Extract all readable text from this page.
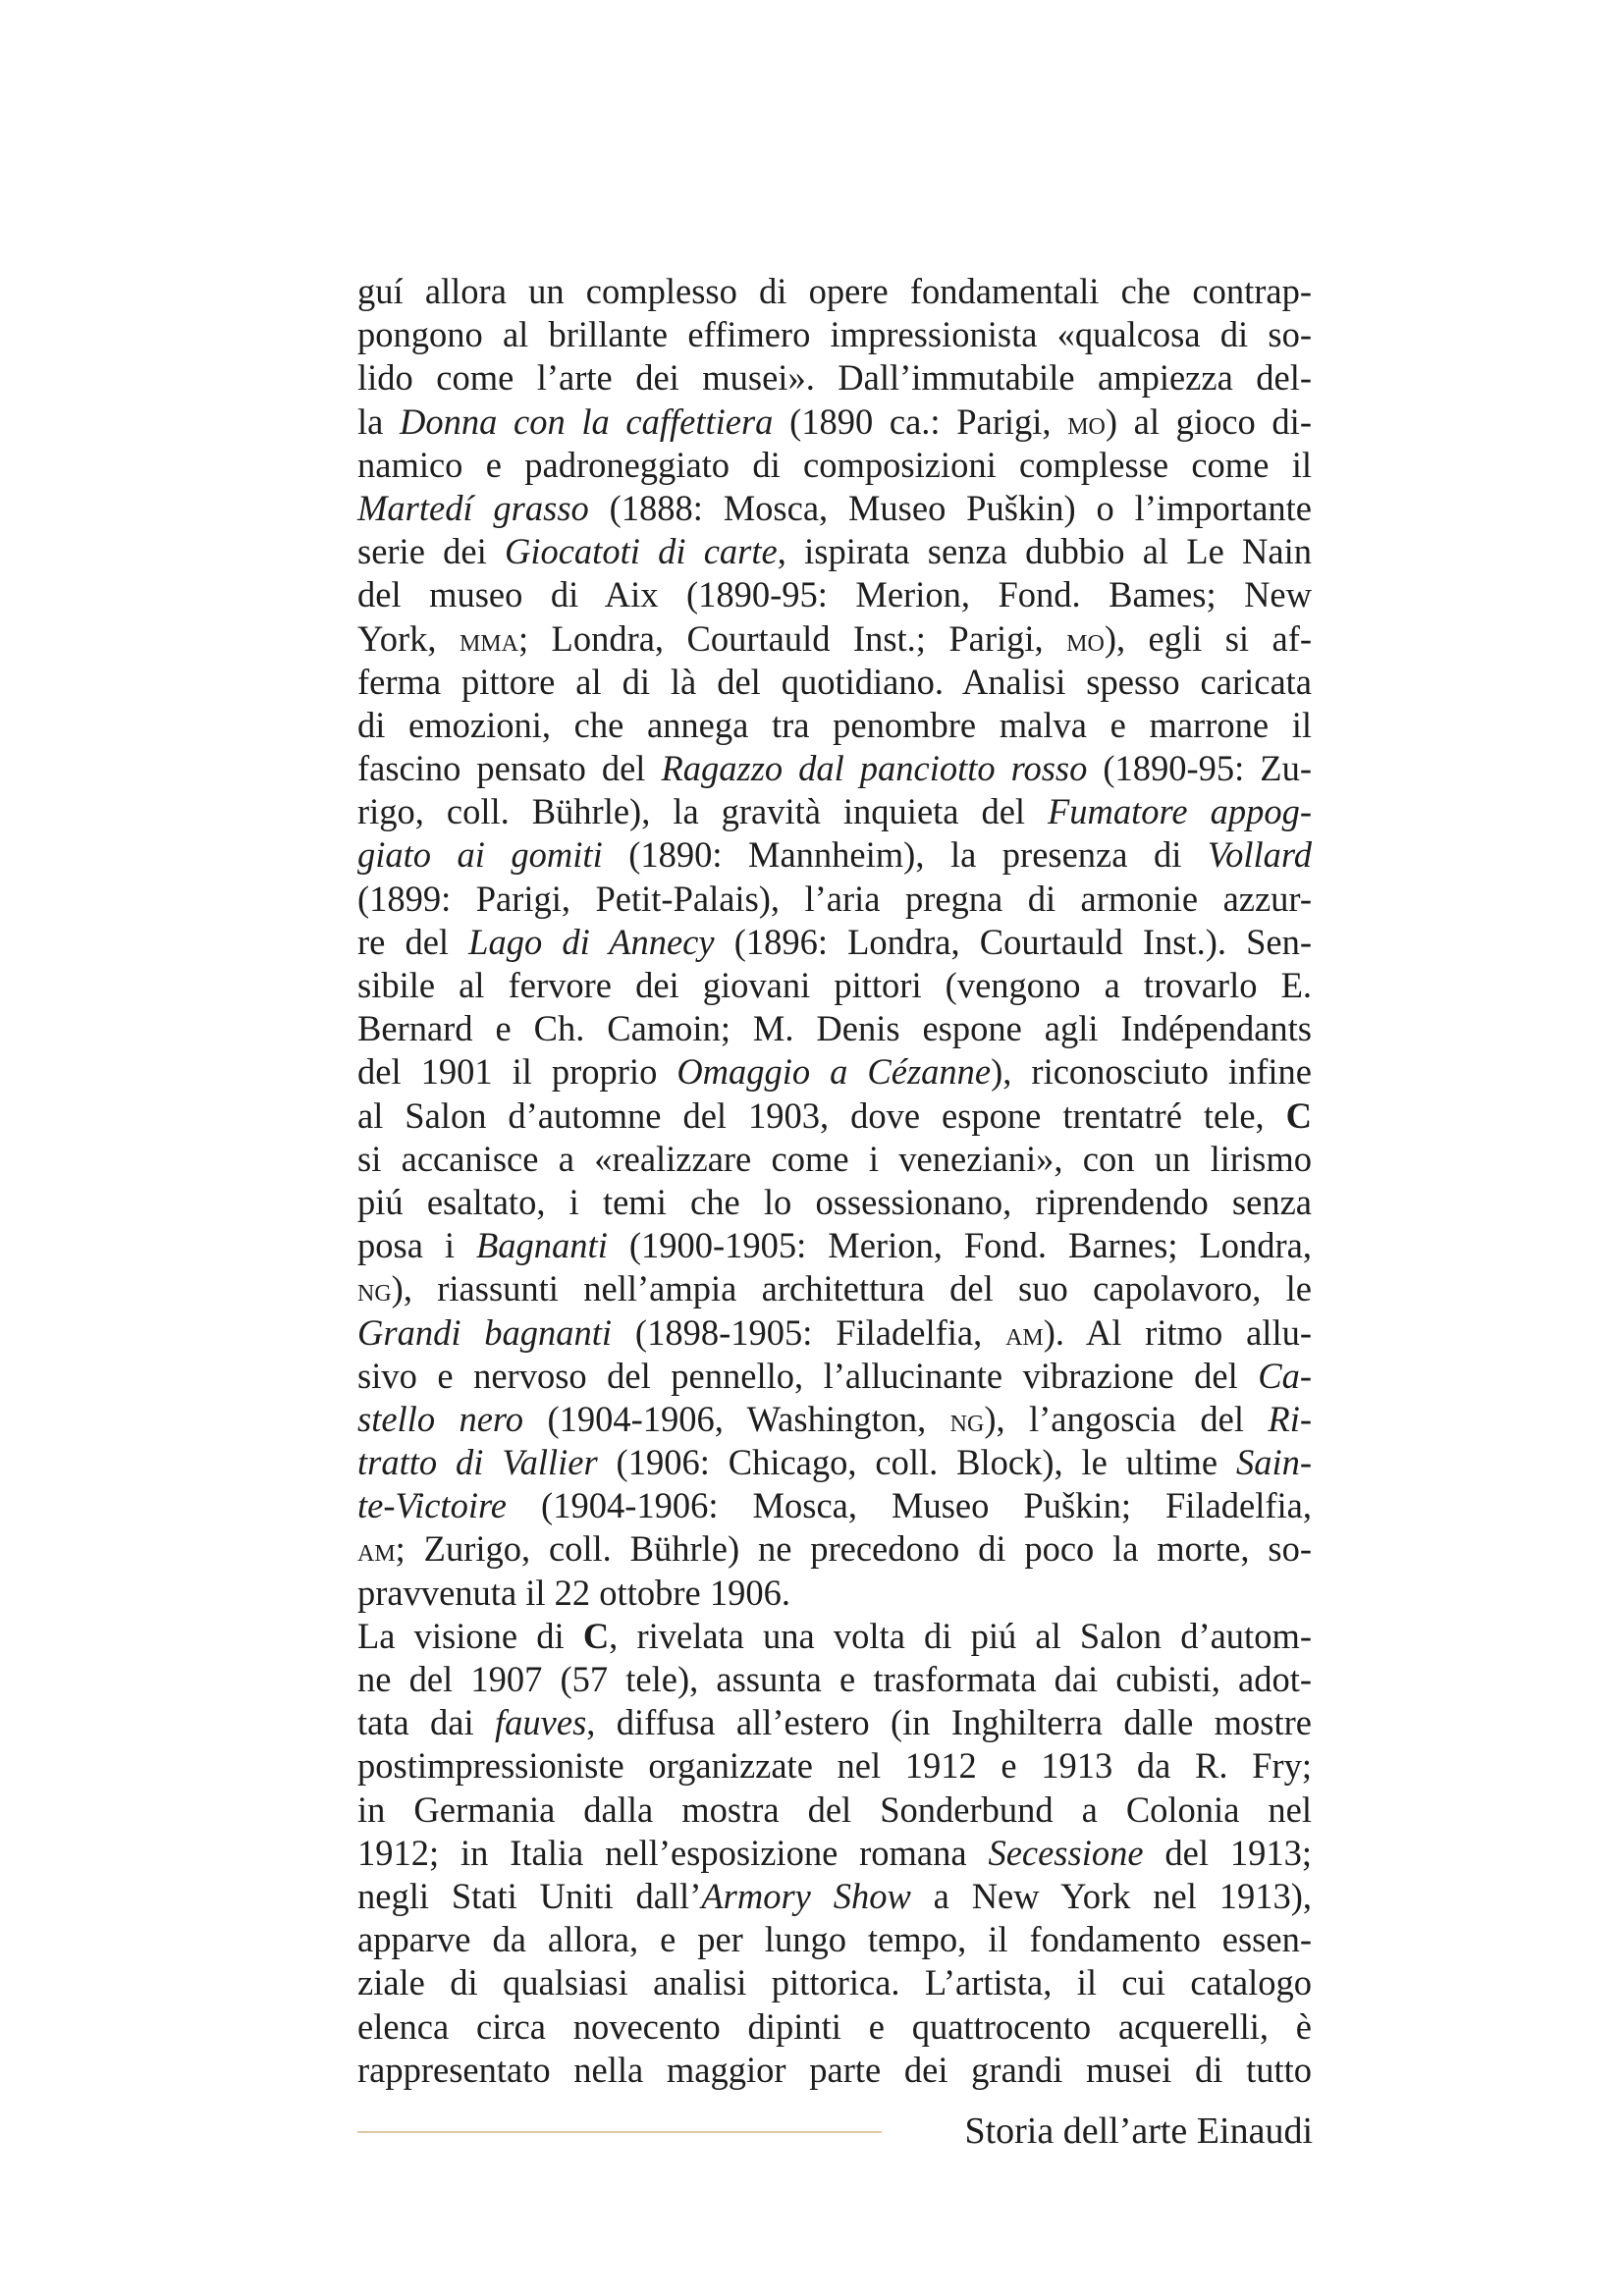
guí allora un complesso di opere fondamentali che contrap-
pongono al brillante effimero impressionista «qualcosa di so-
lido come l’arte dei musei». Dall’immutabile ampiezza del-
la Donna con la caffettiera (1890 ca.: Parigi, mo) al gioco di-
namico e padroneggiato di composizioni complesse come il
Martedí grasso (1888: Mosca, Museo Puškin) o l’importante
serie dei Giocatoti di carte, ispirata senza dubbio al Le Nain
del museo di Aix (1890-95: Merion, Fond. Bames; New
York, mma; Londra, Courtauld Inst.; Parigi, mo), egli si af-
ferma pittore al di là del quotidiano. Analisi spesso caricata
di emozioni, che annega tra penombre malva e marrone il
fascino pensato del Ragazzo dal panciotto rosso (1890-95: Zu-
rigo, coll. Bührle), la gravità inquieta del Fumatore appog-
giato ai gomiti (1890: Mannheim), la presenza di Vollard
(1899: Parigi, Petit-Palais), l’aria pregna di armonie azzur-
re del Lago di Annecy (1896: Londra, Courtauld Inst.). Sen-
sibile al fervore dei giovani pittori (vengono a trovarlo E.
Bernard e Ch. Camoin; M. Denis espone agli Indépendants
del 1901 il proprio Omaggio a Cézanne), riconosciuto infine
al Salon d’automne del 1903, dove espone trentatré tele, C
si accanisce a «realizzare come i veneziani», con un lirismo
piú esaltato, i temi che lo ossessionano, riprendendo senza
posa i Bagnanti (1900-1905: Merion, Fond. Barnes; Londra,
ng), riassunti nell’ampia architettura del suo capolavoro, le
Grandi bagnanti (1898-1905: Filadelfia, am). Al ritmo allu-
sivo e nervoso del pennello, l’allucinante vibrazione del Ca-
stello nero (1904-1906, Washington, ng), l’angoscia del Ri-
tratto di Vallier (1906: Chicago, coll. Block), le ultime Sain-
te-Victoire (1904-1906: Mosca, Museo Puškin; Filadelfia,
am; Zurigo, coll. Bührle) ne precedono di poco la morte, so-
pravvenuta il 22 ottobre 1906.
La visione di C, rivelata una volta di piú al Salon d’autom-
ne del 1907 (57 tele), assunta e trasformata dai cubisti, adot-
tata dai fauves, diffusa all’estero (in Inghilterra dalle mostre
postimpressioniste organizzate nel 1912 e 1913 da R. Fry;
in Germania dalla mostra del Sonderbund a Colonia nel
1912; in Italia nell’esposizione romana Secessione del 1913;
negli Stati Uniti dall’Armory Show a New York nel 1913),
apparve da allora, e per lungo tempo, il fondamento essen-
ziale di qualsiasi analisi pittorica. L’artista, il cui catalogo
elenca circa novecento dipinti e quattrocento acquerelli, è
rappresentato nella maggior parte dei grandi musei di tutto
Storia dell’arte Einaudi
